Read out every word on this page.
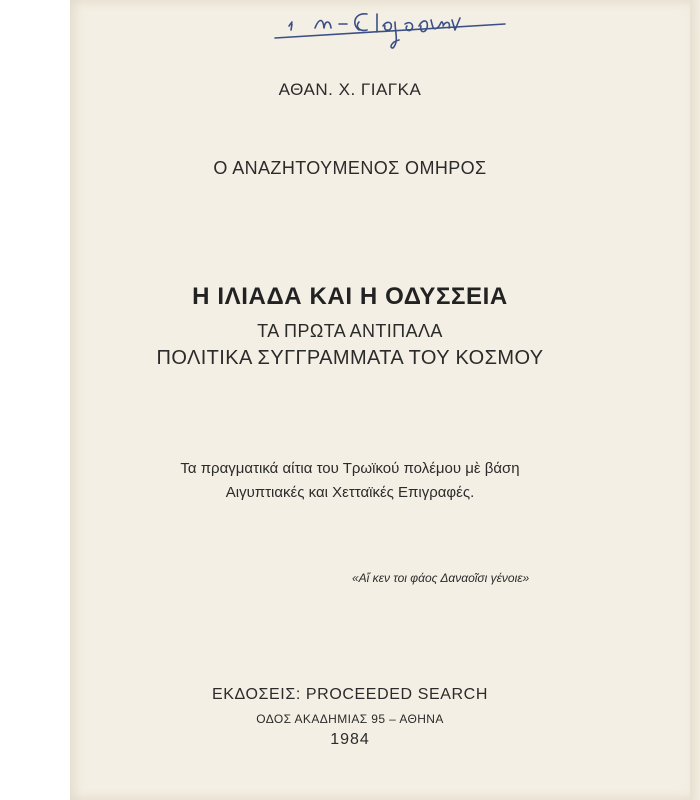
ΑΘΑΝ. Χ. ΓΙΑΓΚΑ
Ο ΑΝΑΖΗΤΟΥΜΕΝΟΣ ΟΜΗΡΟΣ
Η ΙΛΙΑΔΑ ΚΑΙ Η ΟΔΥΣΣΕΙΑ
ΤΑ ΠΡΩΤΑ ΑΝΤΙΠΑΛΑ
ΠΟΛΙΤΙΚΑ ΣΥΓΓΡΑΜΜΑΤΑ ΤΟΥ ΚΟΣΜΟΥ
Τα πραγματικά αίτια του Τρωϊκού πολέμου μὲ βάση
Αιγυπτιακές και Χετταϊκές Επιγραφές.
«Αἴ κεν τοι φάος Δαναοῖσι γένοιε»
ΕΚΔΟΣΕΙΣ: PROCEEDED SEARCH
ΟΔΟΣ ΑΚΑΔΗΜΙΑΣ 95 – ΑΘΗΝΑ
1984
